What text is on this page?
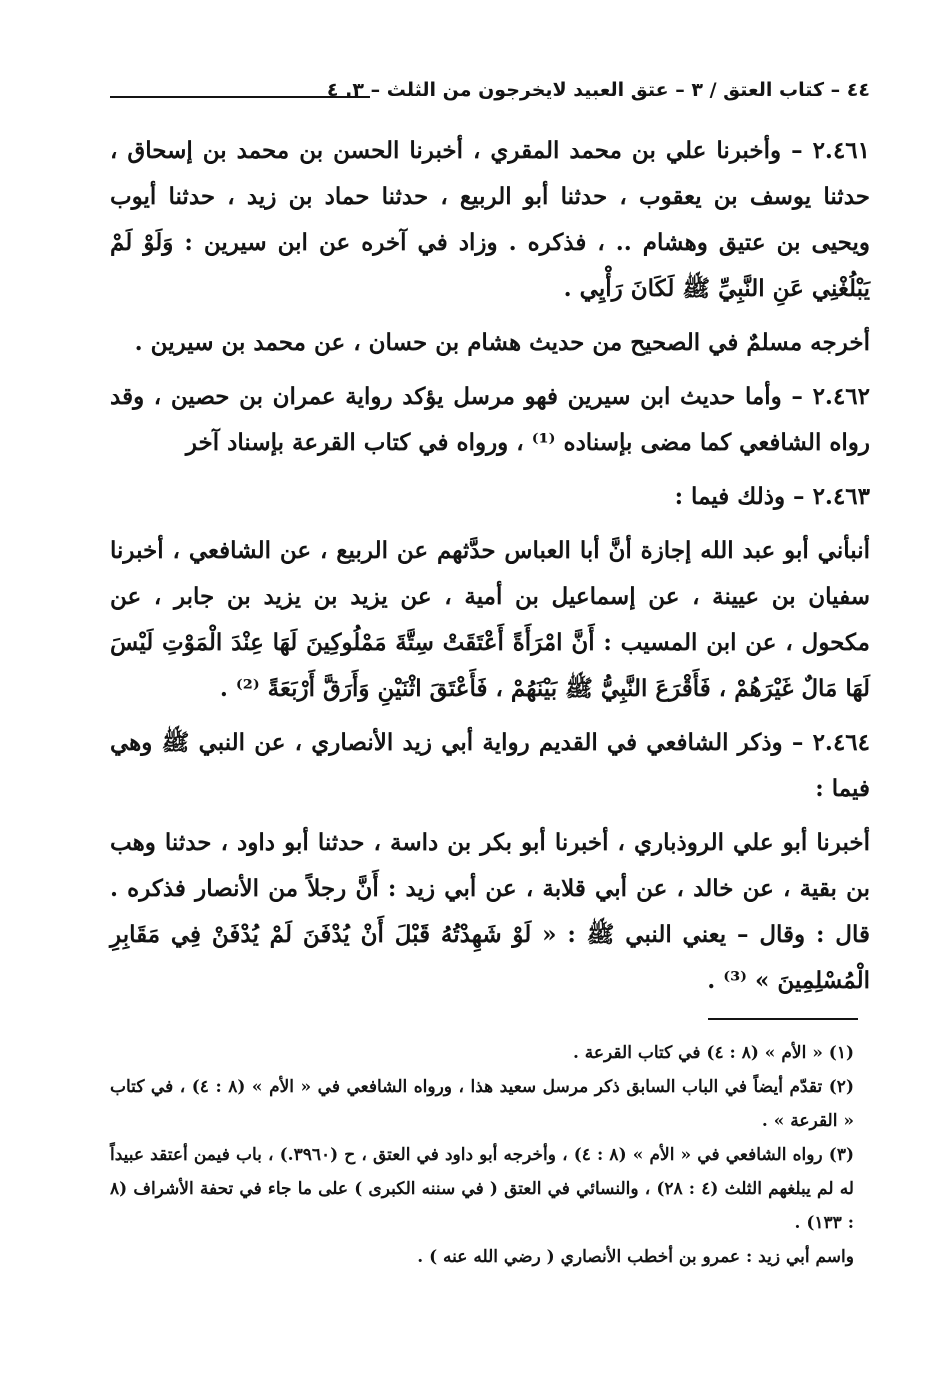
٤٤ – كتاب العتق / ٣ – عتق العبيد لايخرجون من الثلث – ٣. ٤

٢.٤٦١ – وأخبرنا علي بن محمد المقري ، أخبرنا الحسن بن محمد بن إسحاق ، حدثنا يوسف بن يعقوب ، حدثنا أبو الربيع ، حدثنا حماد بن زيد ، حدثنا أيوب ويحيى بن عتيق وهشام .. ، فذكره . وزاد في آخره عن ابن سيرين : وَلَوْ لَمْ يَبْلُغْنِي عَنِ النَّبِيِّ ﷺ لَكَانَ رَأْيِي .

أخرجه مسلمٌ في الصحيح من حديث هشام بن حسان ، عن محمد بن سيرين .

٢.٤٦٢ – وأما حديث ابن سيرين فهو مرسل يؤكد رواية عمران بن حصين ، وقد رواه الشافعي كما مضى بإسناده ⁽¹⁾ ، ورواه في كتاب القرعة بإسناد آخر

٢.٤٦٣ – وذلك فيما :

أنبأني أبو عبد الله إجازة أنَّ أبا العباس حدَّثهم عن الربيع ، عن الشافعي ، أخبرنا سفيان بن عيينة ، عن إسماعيل بن أمية ، عن يزيد بن يزيد بن جابر ، عن مكحول ، عن ابن المسيب : أَنَّ امْرَأَةً أَعْتَقَتْ سِتَّةَ مَمْلُوكِينَ لَهَا عِنْدَ الْمَوْتِ لَيْسَ لَهَا مَالٌ غَيْرَهُمْ ، فَأَقْرَعَ النَّبِيُّ ﷺ بَيْنَهُمْ ، فَأَعْتَقَ اثْنَيْنِ وَأَرَقَّ أَرْبَعَةً ⁽²⁾ .

٢.٤٦٤ – وذكر الشافعي في القديم رواية أبي زيد الأنصاري ، عن النبي ﷺ وهي فيما :

أخبرنا أبو علي الروذباري ، أخبرنا أبو بكر بن داسة ، حدثنا أبو داود ، حدثنا وهب بن بقية ، عن خالد ، عن أبي قلابة ، عن أبي زيد : أَنَّ رجلاً من الأنصار فذكره . قال : وقال – يعني النبي ﷺ : « لَوْ شَهِدْتُهُ قَبْلَ أَنْ يُدْفَنَ لَمْ يُدْفَنْ فِي مَقَابِرِ الْمُسْلِمِينَ » ⁽³⁾ .

(١) « الأم » (٨ : ٤) في كتاب القرعة .

(٢) تقدّم أيضاً في الباب السابق ذكر مرسل سعيد هذا ، ورواه الشافعي في « الأم » (٨ : ٤) ، في كتاب « القرعة » .

(٣) رواه الشافعي في « الأم » (٨ : ٤) ، وأخرجه أبو داود في العتق ، ح (٣٩٦٠.) ، باب فيمن أعتقد عبيداً له لم يبلغهم الثلث (٤ : ٢٨) ، والنسائي في العتق ( في سننه الكبرى ) على ما جاء في تحفة الأشراف (٨ : ١٣٣) .

واسم أبي زيد : عمرو بن أخطب الأنصاري ( رضي الله عنه ) .
